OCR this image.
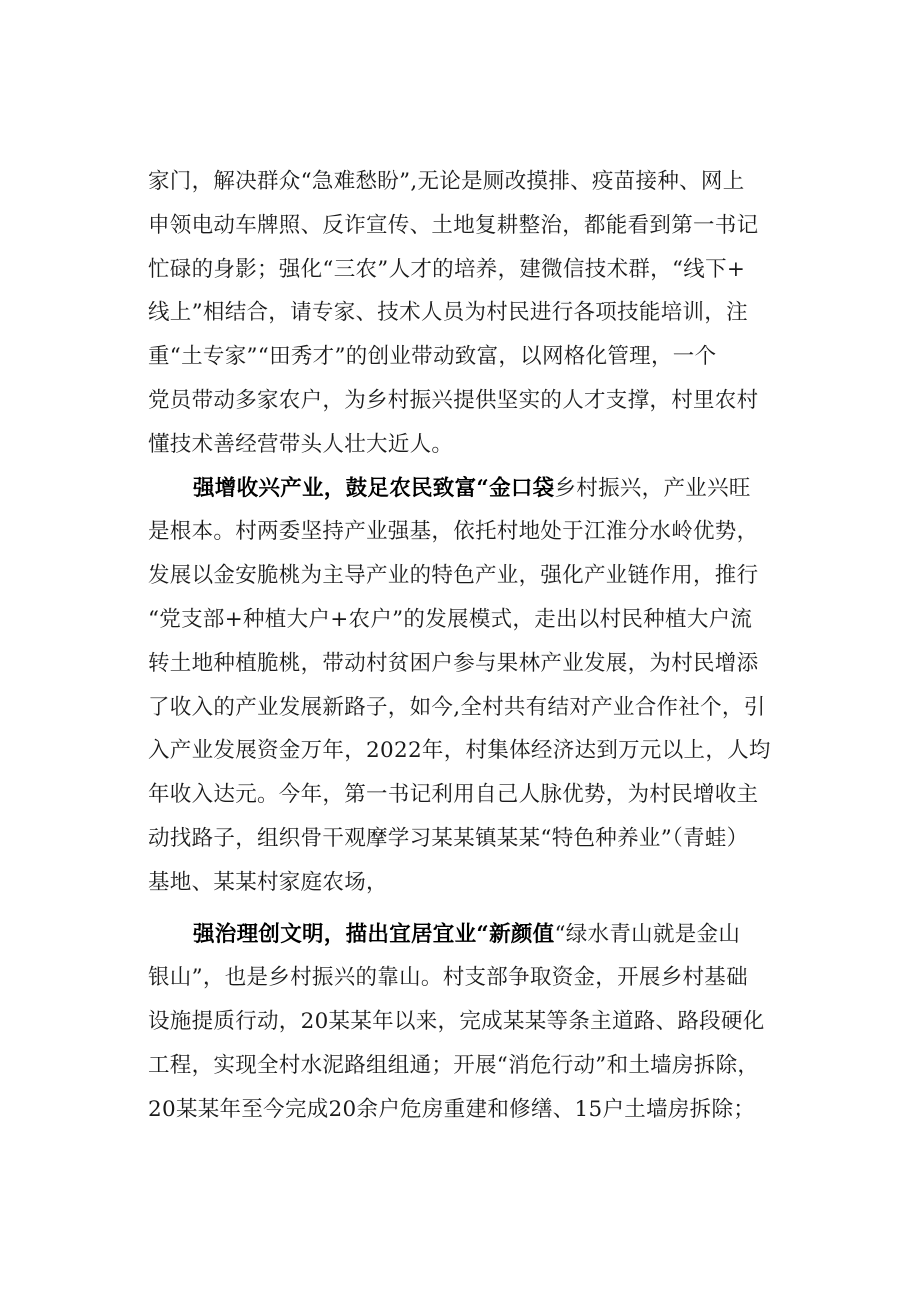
家门，解决群众“急难愁盼”,无论是厕改摸排、疫苗接种、网上
申领电动车牌照、反诈宣传、土地复耕整治，都能看到第一书记
忙碌的身影；强化“三农”人才的培养，建微信技术群，“线下+
线上”相结合，请专家、技术人员为村民进行各项技能培训，注
重“土专家”“田秀才”的创业带动致富，以网格化管理，一个
党员带动多家农户，为乡村振兴提供坚实的人才支撑，村里农村
懂技术善经营带头人壮大近人。
强增收兴产业，鼓足农民致富“金口袋乡村振兴，产业兴旺
是根本。村两委坚持产业强基，依托村地处于江淮分水岭优势，
发展以金安脆桃为主导产业的特色产业，强化产业链作用，推行
“党支部+种植大户+农户”的发展模式，走出以村民种植大户流
转土地种植脆桃，带动村贫困户参与果林产业发展，为村民增添
了收入的产业发展新路子，如今,全村共有结对产业合作社个，引
入产业发展资金万年，2022年，村集体经济达到万元以上，人均
年收入达元。今年，第一书记利用自己人脉优势，为村民增收主
动找路子，组织骨干观摩学习某某镇某某“特色种养业”（青蛙）
基地、某某村家庭农场，
强治理创文明，描出宜居宜业“新颜值“绿水青山就是金山
银山”，也是乡村振兴的靠山。村支部争取资金，开展乡村基础
设施提质行动，20某某年以来，完成某某等条主道路、路段硬化
工程，实现全村水泥路组组通；开展“消危行动”和土墙房拆除，
20某某年至今完成20余户危房重建和修缮、15户土墙房拆除；
